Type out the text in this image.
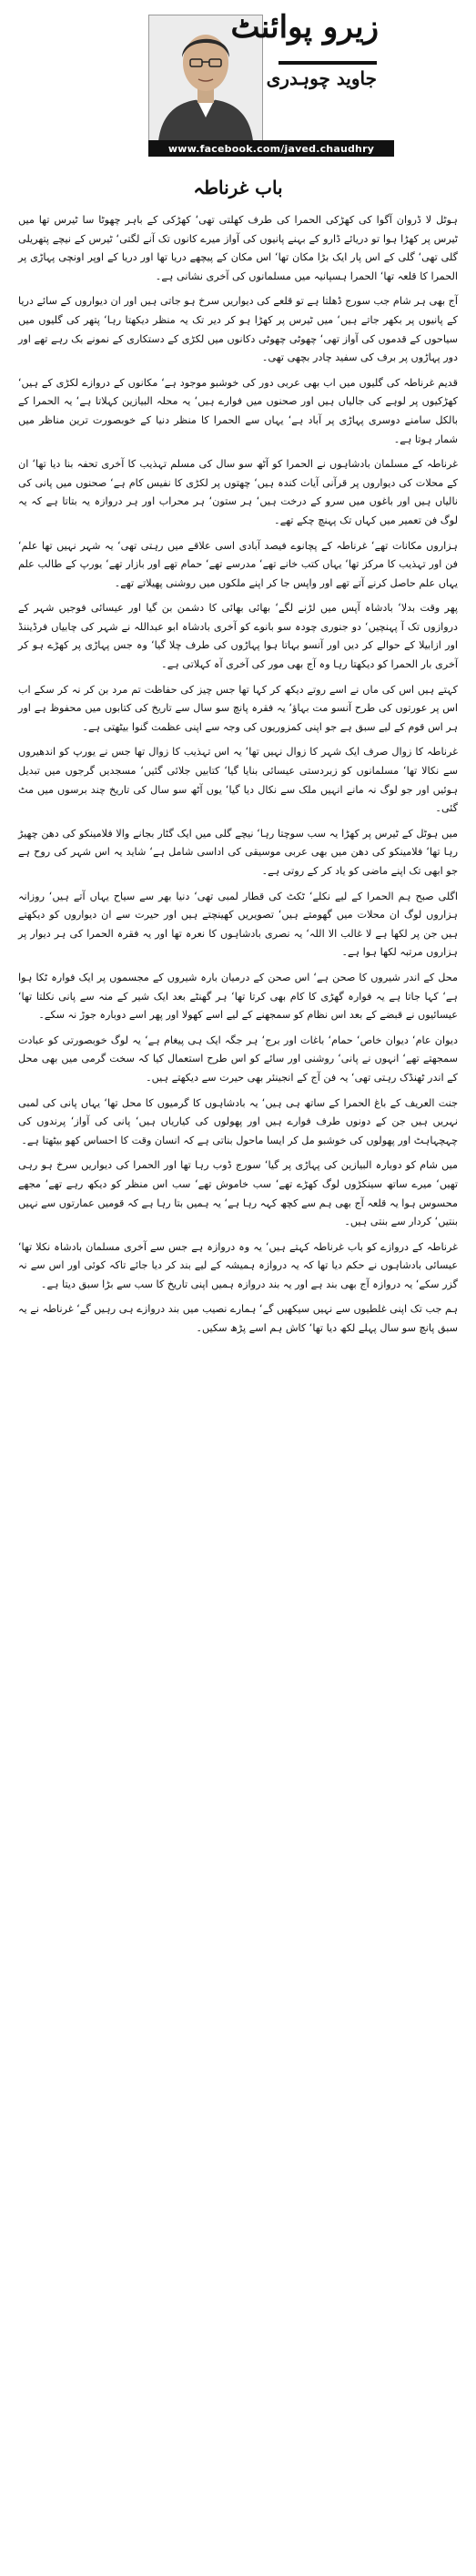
زیرو پوائنٹ
جاوید چوہدری
www.facebook.com/javed.chaudhry
باب غرناطہ

ہوٹل لا ڈروان آگوا کی کھڑکی الحمرا کی طرف کھلتی تھی‘ کھڑکی کے باہر چھوٹا سا ٹیرس تھا میں ٹیرس پر کھڑا ہوا تو دریائے ڈارو کے بہنے پانیوں کی آواز میرے کانوں تک آنے لگتی‘ ٹیرس کے نیچے پتھریلی گلی تھی‘ گلی کے اس پار ایک بڑا مکان تھا‘ اس مکان کے پیچھے دریا تھا اور دریا کے اوپر اونچی پہاڑی پر الحمرا کا قلعہ تھا‘ الحمرا ہسپانیہ میں مسلمانوں کی آخری نشانی ہے۔

آج بھی ہر شام جب سورج ڈھلتا ہے تو قلعے کی دیواریں سرخ ہو جاتی ہیں اور ان دیواروں کے سائے دریا کے پانیوں پر بکھر جاتے ہیں‘ میں ٹیرس پر کھڑا ہو کر دیر تک یہ منظر دیکھتا رہا‘ پتھر کی گلیوں میں سیاحوں کے قدموں کی آواز تھی‘ چھوٹی چھوٹی دکانوں میں لکڑی کے دستکاری کے نمونے بک رہے تھے اور دور پہاڑوں پر برف کی سفید چادر بچھی تھی۔

قدیم غرناطہ کی گلیوں میں اب بھی عربی دور کی خوشبو موجود ہے‘ مکانوں کے دروازے لکڑی کے ہیں‘ کھڑکیوں پر لوہے کی جالیاں ہیں اور صحنوں میں فوارے ہیں‘ یہ محلہ البیازین کہلاتا ہے‘ یہ الحمرا کے بالکل سامنے دوسری پہاڑی پر آباد ہے‘ یہاں سے الحمرا کا منظر دنیا کے خوبصورت ترین مناظر میں شمار ہوتا ہے۔

غرناطہ کے مسلمان بادشاہوں نے الحمرا کو آٹھ سو سال کی مسلم تہذیب کا آخری تحفہ بنا دیا تھا‘ ان کے محلات کی دیواروں پر قرآنی آیات کندہ ہیں‘ چھتوں پر لکڑی کا نفیس کام ہے‘ صحنوں میں پانی کی نالیاں ہیں اور باغوں میں سرو کے درخت ہیں‘ ہر ستون‘ ہر محراب اور ہر دروازہ یہ بتاتا ہے کہ یہ لوگ فن تعمیر میں کہاں تک پہنچ چکے تھے۔

ہزاروں مکانات تھے‘ غرناطہ کے پچانوے فیصد آبادی اسی علاقے میں رہتی تھی‘ یہ شہر نہیں تھا علم‘ فن اور تہذیب کا مرکز تھا‘ یہاں کتب خانے تھے‘ مدرسے تھے‘ حمام تھے اور بازار تھے‘ یورپ کے طالب علم یہاں علم حاصل کرنے آتے تھے اور واپس جا کر اپنے ملکوں میں روشنی پھیلاتے تھے۔

پھر وقت بدلا‘ بادشاہ آپس میں لڑنے لگے‘ بھائی بھائی کا دشمن بن گیا اور عیسائی فوجیں شہر کے دروازوں تک آ پہنچیں‘ دو جنوری چودہ سو بانوے کو آخری بادشاہ ابو عبداللہ نے شہر کی چابیاں فرڈیننڈ اور ازابیلا کے حوالے کر دیں اور آنسو بہاتا ہوا پہاڑوں کی طرف چلا گیا‘ وہ جس پہاڑی پر کھڑے ہو کر آخری بار الحمرا کو دیکھتا رہا وہ آج بھی مور کی آخری آہ کہلاتی ہے۔

کہتے ہیں اس کی ماں نے اسے روتے دیکھ کر کہا تھا جس چیز کی حفاظت تم مرد بن کر نہ کر سکے اب اس پر عورتوں کی طرح آنسو مت بہاؤ‘ یہ فقرہ پانچ سو سال سے تاریخ کی کتابوں میں محفوظ ہے اور ہر اس قوم کے لیے سبق ہے جو اپنی کمزوریوں کی وجہ سے اپنی عظمت گنوا بیٹھتی ہے۔

غرناطہ کا زوال صرف ایک شہر کا زوال نہیں تھا‘ یہ اس تہذیب کا زوال تھا جس نے یورپ کو اندھیروں سے نکالا تھا‘ مسلمانوں کو زبردستی عیسائی بنایا گیا‘ کتابیں جلائی گئیں‘ مسجدیں گرجوں میں تبدیل ہوئیں اور جو لوگ نہ مانے انہیں ملک سے نکال دیا گیا‘ یوں آٹھ سو سال کی تاریخ چند برسوں میں مٹ گئی۔

میں ہوٹل کے ٹیرس پر کھڑا یہ سب سوچتا رہا‘ نیچے گلی میں ایک گٹار بجانے والا فلامینکو کی دھن چھیڑ رہا تھا‘ فلامینکو کی دھن میں بھی عربی موسیقی کی اداسی شامل ہے‘ شاید یہ اس شہر کی روح ہے جو ابھی تک اپنے ماضی کو یاد کر کے روتی ہے۔

اگلی صبح ہم الحمرا کے لیے نکلے‘ ٹکٹ کی قطار لمبی تھی‘ دنیا بھر سے سیاح یہاں آتے ہیں‘ روزانہ ہزاروں لوگ ان محلات میں گھومتے ہیں‘ تصویریں کھینچتے ہیں اور حیرت سے ان دیواروں کو دیکھتے ہیں جن پر لکھا ہے لا غالب الا اللہ‘ یہ نصری بادشاہوں کا نعرہ تھا اور یہ فقرہ الحمرا کی ہر دیوار پر ہزاروں مرتبہ لکھا ہوا ہے۔

محل کے اندر شیروں کا صحن ہے‘ اس صحن کے درمیان بارہ شیروں کے مجسموں پر ایک فوارہ ٹکا ہوا ہے‘ کہا جاتا ہے یہ فوارہ گھڑی کا کام بھی کرتا تھا‘ ہر گھنٹے بعد ایک شیر کے منہ سے پانی نکلتا تھا‘ عیسائیوں نے قبضے کے بعد اس نظام کو سمجھنے کے لیے اسے کھولا اور پھر اسے دوبارہ جوڑ نہ سکے۔

دیوان عام‘ دیوان خاص‘ حمام‘ باغات اور برج‘ ہر جگہ ایک ہی پیغام ہے‘ یہ لوگ خوبصورتی کو عبادت سمجھتے تھے‘ انہوں نے پانی‘ روشنی اور سائے کو اس طرح استعمال کیا کہ سخت گرمی میں بھی محل کے اندر ٹھنڈک رہتی تھی‘ یہ فن آج کے انجینئر بھی حیرت سے دیکھتے ہیں۔

جنت العریف کے باغ الحمرا کے ساتھ ہی ہیں‘ یہ بادشاہوں کا گرمیوں کا محل تھا‘ یہاں پانی کی لمبی نہریں ہیں جن کے دونوں طرف فوارے ہیں اور پھولوں کی کیاریاں ہیں‘ پانی کی آواز‘ پرندوں کی چہچہاہٹ اور پھولوں کی خوشبو مل کر ایسا ماحول بناتی ہے کہ انسان وقت کا احساس کھو بیٹھتا ہے۔

میں شام کو دوبارہ البیازین کی پہاڑی پر گیا‘ سورج ڈوب رہا تھا اور الحمرا کی دیواریں سرخ ہو رہی تھیں‘ میرے ساتھ سینکڑوں لوگ کھڑے تھے‘ سب خاموش تھے‘ سب اس منظر کو دیکھ رہے تھے‘ مجھے محسوس ہوا یہ قلعہ آج بھی ہم سے کچھ کہہ رہا ہے‘ یہ ہمیں بتا رہا ہے کہ قومیں عمارتوں سے نہیں بنتیں‘ کردار سے بنتی ہیں۔

غرناطہ کے دروازے کو باب غرناطہ کہتے ہیں‘ یہ وہ دروازہ ہے جس سے آخری مسلمان بادشاہ نکلا تھا‘ عیسائی بادشاہوں نے حکم دیا تھا کہ یہ دروازہ ہمیشہ کے لیے بند کر دیا جائے تاکہ کوئی اور اس سے نہ گزر سکے‘ یہ دروازہ آج بھی بند ہے اور یہ بند دروازہ ہمیں اپنی تاریخ کا سب سے بڑا سبق دیتا ہے۔

ہم جب تک اپنی غلطیوں سے نہیں سیکھیں گے‘ ہمارے نصیب میں بند دروازے ہی رہیں گے‘ غرناطہ نے یہ سبق پانچ سو سال پہلے لکھ دیا تھا‘ کاش ہم اسے پڑھ سکیں۔
